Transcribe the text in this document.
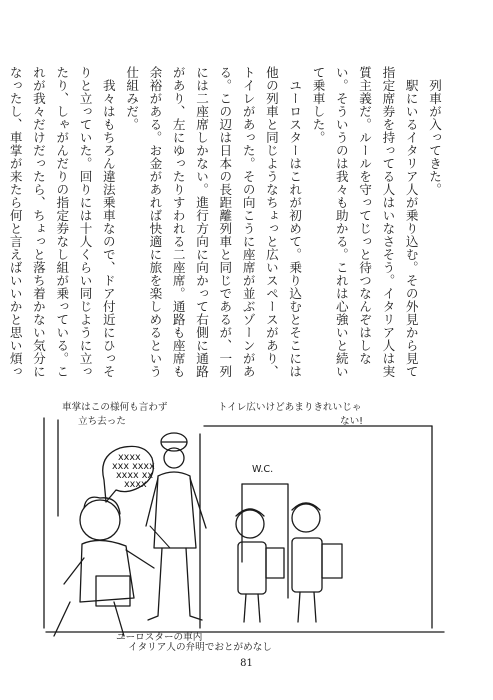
列車が入ってきた。

駅にいるイタリア人が乗り込む。その外見から見て指定席券を持ってる人はいなさそう。イタリア人は実質主義だ。ルールを守ってじっと待つなんぞはしない。そういうのは我々も助かる。これは心強いと続いて乗車した。

ユーロスターはこれが初めて。乗り込むとそこには他の列車と同じようなちょっと広いスペースがあり、トイレがあった。その向こうに座席が並ぶゾーンがある。この辺は日本の長距離列車と同じであるが、一列には二座席しかない。進行方向に向かって右側に通路があり、左にゆったりすわれる二座席。通路も座席も余裕がある。お金があれば快適に旅を楽しめるという仕組みだ。

我々はもちろん違法乗車なので、ドア付近にひっそりと立っていた。回りには十人くらい同じように立ったり、しゃがんだりの指定券なし組が乗っている。これが我々だけだったら、ちょっと落ち着かない気分になったし、車掌が来たら何と言えばいいかと思い煩っ

車掌はこの様何も言わず
立ち去った
トイレ広いけどあまりきれいじゃ
ない!
W.C.
xxxx
xxx xxxx
xxxx xx
xxxx
ユーロスターの車内
イタリア人の弁明でおとがめなし
81
